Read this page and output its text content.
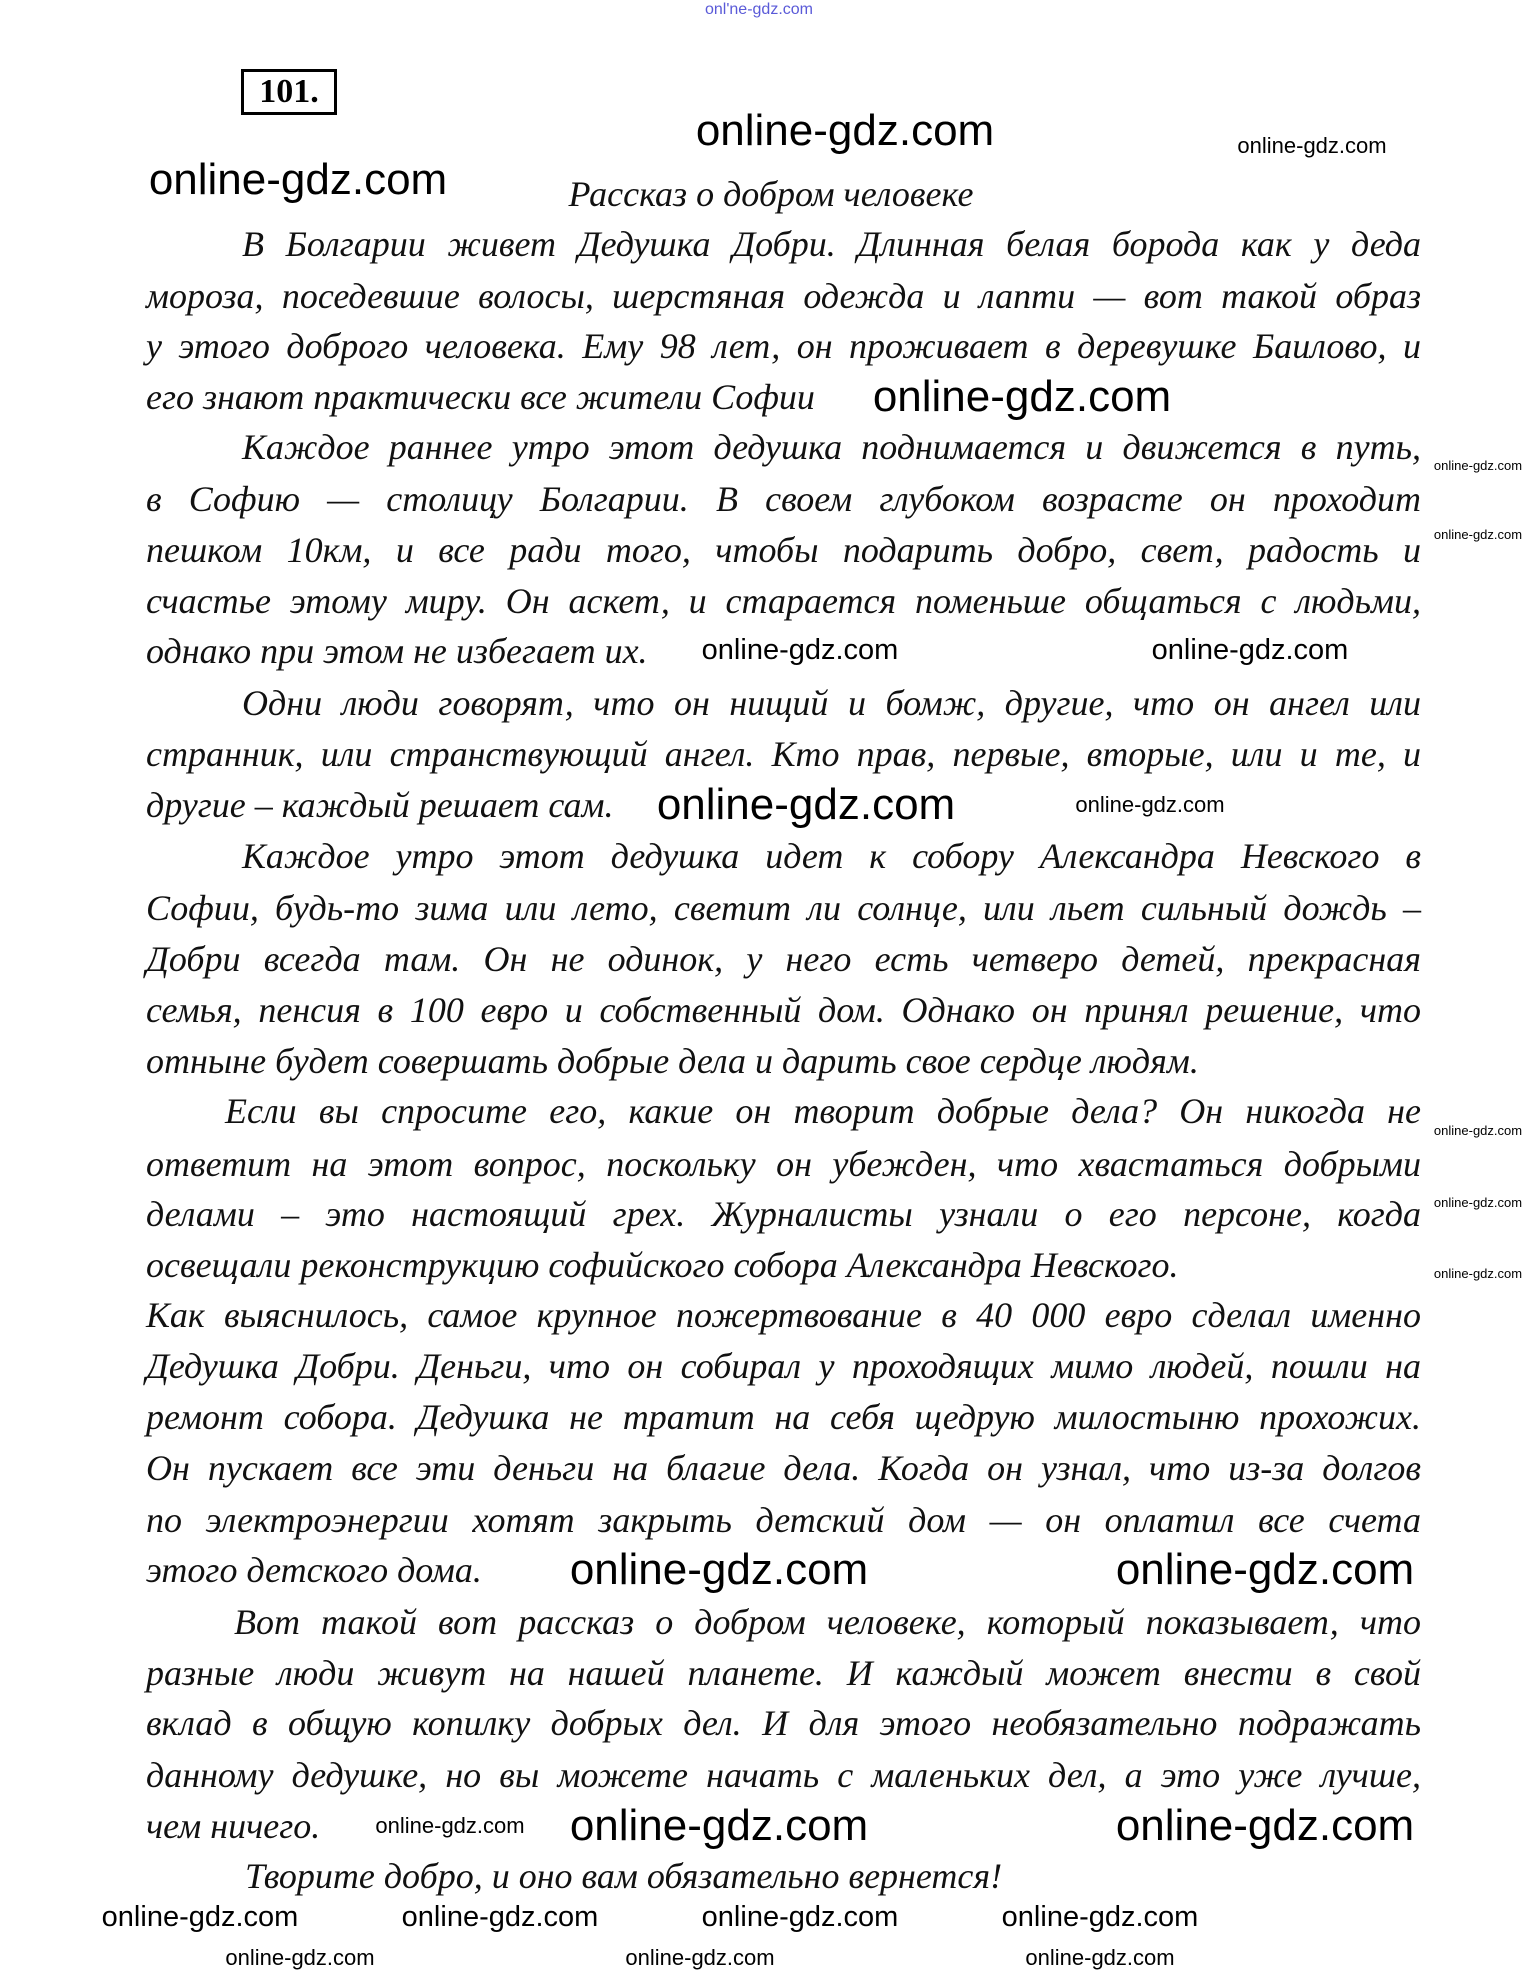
101.
Рассказ о добром человеке
В Болгарии живет Дедушка Добри. Длинная белая борода как у деда
мороза, поседевшие волосы, шерстяная одежда и лапти — вот такой образ
у этого доброго человека. Ему 98 лет, он проживает в деревушке Баилово, и
его знают практически все жители Софии
Каждое раннее утро этот дедушка поднимается и движется в путь,
в Софию — столицу Болгарии. В своем глубоком возрасте он проходит
пешком 10км, и все ради того, чтобы подарить добро, свет, радость и
счастье этому миру. Он аскет, и старается поменьше общаться с людьми,
однако при этом не избегает их.
Одни люди говорят, что он нищий и бомж, другие, что он ангел или
странник, или странствующий ангел. Кто прав, первые, вторые, или и те, и
другие – каждый решает сам.
Каждое утро этот дедушка идет к собору Александра Невского в
Софии, будь-то зима или лето, светит ли солнце, или льет сильный дождь –
Добри всегда там. Он не одинок, у него есть четверо детей, прекрасная
семья, пенсия в 100 евро и собственный дом. Однако он принял решение, что
отныне будет совершать добрые дела и дарить свое сердце людям.
Если вы спросите его, какие он творит добрые дела? Он никогда не
ответит на этот вопрос, поскольку он убежден, что хвастаться добрыми
делами – это настоящий грех. Журналисты узнали о его персоне, когда
освещали реконструкцию софийского собора Александра Невского.
Как выяснилось, самое крупное пожертвование в 40 000 евро сделал именно
Дедушка Добри. Деньги, что он собирал у проходящих мимо людей, пошли на
ремонт собора. Дедушка не тратит на себя щедрую милостыню прохожих.
Он пускает все эти деньги на благие дела. Когда он узнал, что из-за долгов
по электроэнергии хотят закрыть детский дом — он оплатил все счета
этого детского дома.
Вот такой вот рассказ о добром человеке, который показывает, что
разные люди живут на нашей планете. И каждый может внести в свой
вклад в общую копилку добрых дел. И для этого необязательно подражать
данному дедушке, но вы можете начать с маленьких дел, а это уже лучше,
чем ничего.
Творите добро, и оно вам обязательно вернется!
onl'ne-gdz.com
online-gdz.com	online-gdz.com
online-gdz.com
online-gdz.com
online-gdz.com
online-gdz.com
online-gdz.com	online-gdz.com
online-gdz.com	online-gdz.com
online-gdz.com
online-gdz.com
online-gdz.com
online-gdz.com	online-gdz.com
online-gdz.com online-gdz.com	online-gdz.com
online-gdz.com	online-gdz.com	online-gdz.com	online-gdz.com
online-gdz.com	online-gdz.com	online-gdz.com
